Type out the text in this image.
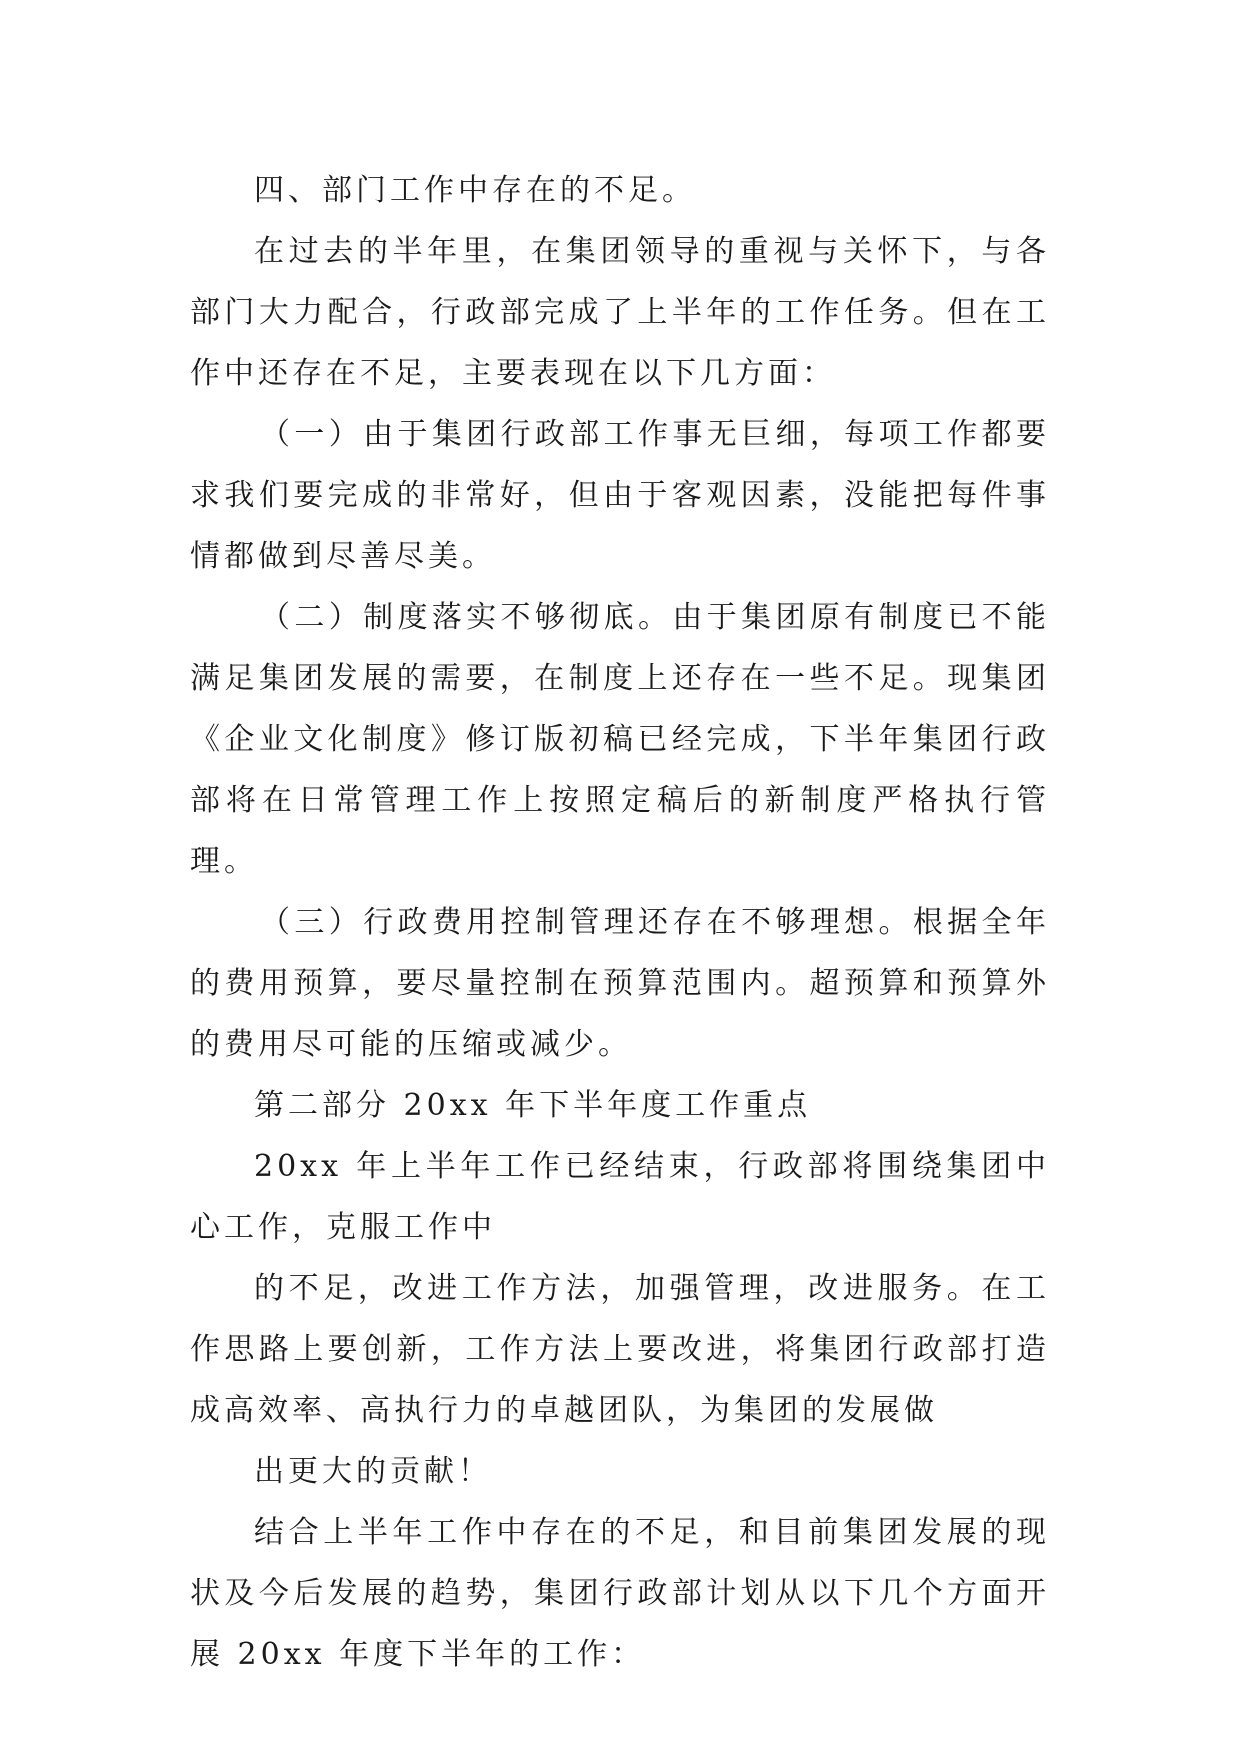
四、部门工作中存在的不足。

在过去的半年里，在集团领导的重视与关怀下，与各部门大力配合，行政部完成了上半年的工作任务。但在工作中还存在不足，主要表现在以下几方面：

（一）由于集团行政部工作事无巨细，每项工作都要求我们要完成的非常好，但由于客观因素，没能把每件事情都做到尽善尽美。

（二）制度落实不够彻底。由于集团原有制度已不能满足集团发展的需要，在制度上还存在一些不足。现集团《企业文化制度》修订版初稿已经完成，下半年集团行政部将在日常管理工作上按照定稿后的新制度严格执行管理。

（三）行政费用控制管理还存在不够理想。根据全年的费用预算，要尽量控制在预算范围内。超预算和预算外的费用尽可能的压缩或减少。

第二部分 20xx 年下半年度工作重点

20xx 年上半年工作已经结束，行政部将围绕集团中心工作，克服工作中

的不足，改进工作方法，加强管理，改进服务。在工作思路上要创新，工作方法上要改进，将集团行政部打造成高效率、高执行力的卓越团队，为集团的发展做

出更大的贡献！

结合上半年工作中存在的不足，和目前集团发展的现状及今后发展的趋势，集团行政部计划从以下几个方面开展 20xx 年度下半年的工作：
